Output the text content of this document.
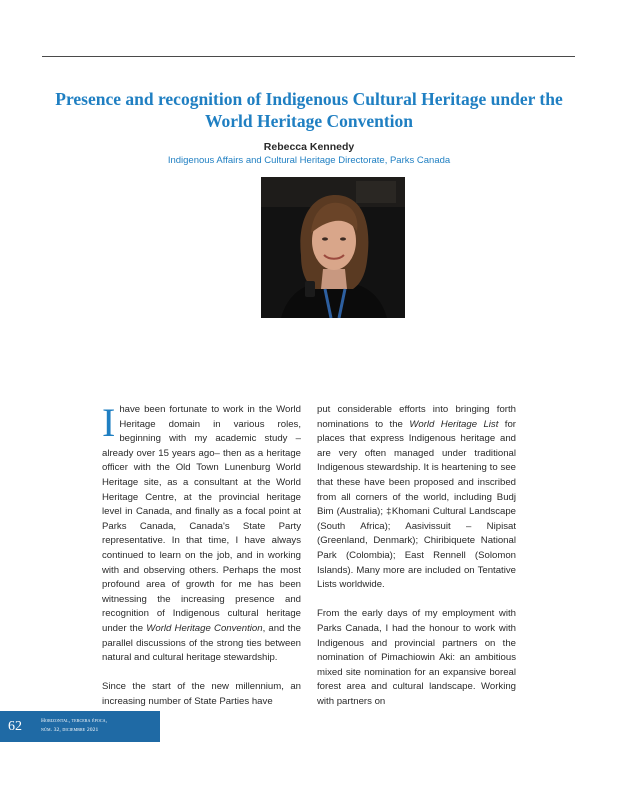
Presence and recognition of Indigenous Cultural Heritage under the World Heritage Convention
Rebecca Kennedy
Indigenous Affairs and Cultural Heritage Directorate, Parks Canada

Ihave been fortunate to work in the World Heritage domain in various roles, beginning with my academic study –already over 15 years ago– then as a heritage officer with the Old Town Lunenburg World Heritage site, as a consultant at the World Heritage Centre, at the provincial heritage level in Canada, and finally as a focal point at Parks Canada, Canada's State Party representative. In that time, I have always continued to learn on the job, and in working with and observing others. Perhaps the most profound area of growth for me has been witnessing the increasing presence and recognition of Indigenous cultural heritage under the World Heritage Convention, and the parallel discussions of the strong ties between natural and cultural heritage stewardship.

Since the start of the new millennium, an increasing number of State Parties have

put considerable efforts into bringing forth nominations to the World Heritage List for places that express Indigenous heritage and are very often managed under traditional Indigenous stewardship. It is heartening to see that these have been proposed and inscribed from all corners of the world, including Budj Bim (Australia); ‡Khomani Cultural Landscape (South Africa); Aasivissuit – Nipisat (Greenland, Denmark); Chiribiquete National Park (Colombia); East Rennell (Solomon Islands). Many more are included on Tentative Lists worldwide.

From the early days of my employment with Parks Canada, I had the honour to work with Indigenous and provincial partners on the nomination of Pimachiowin Aki: an ambitious mixed site nomination for an expansive boreal forest area and cultural landscape. Working with partners on

62	Horizontal, tercera época,
núm. 32, diciembre 2021
